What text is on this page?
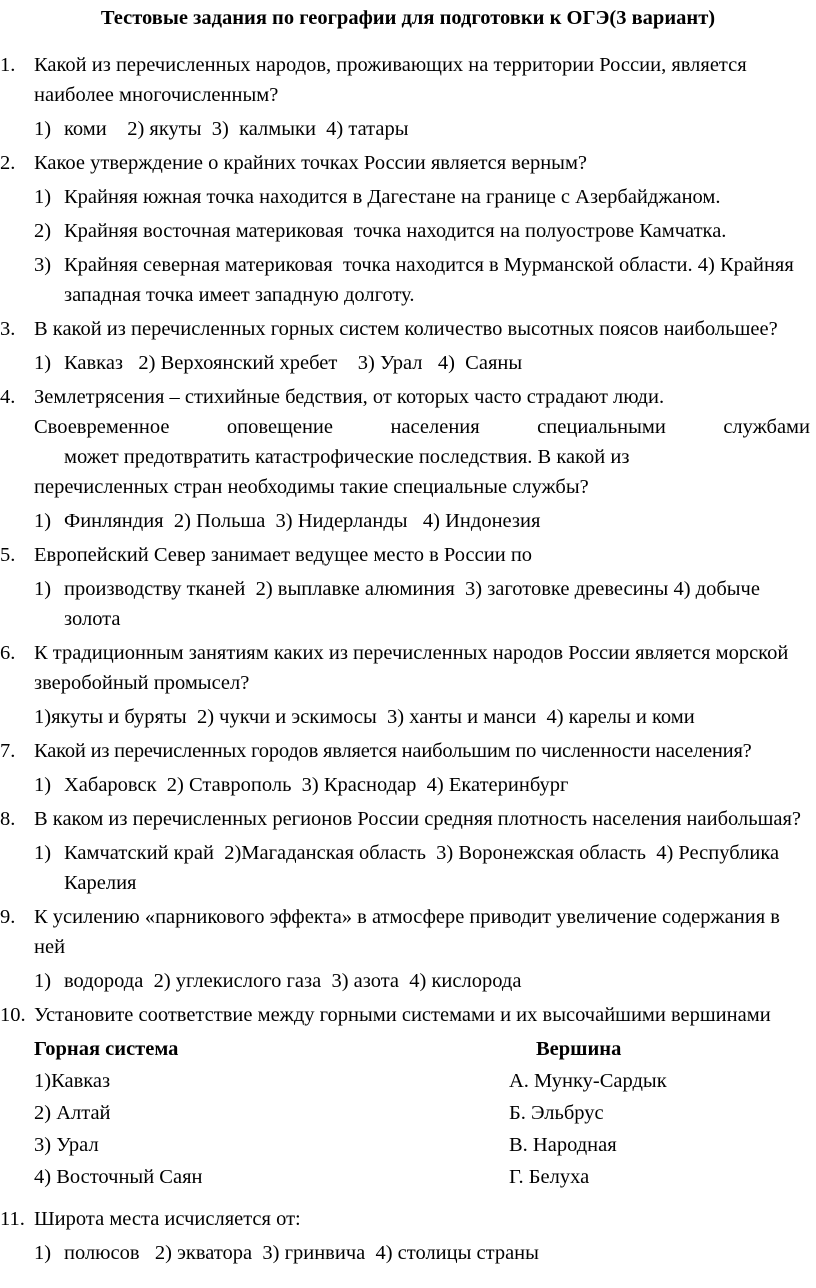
Тестовые задания по географии для подготовки к ОГЭ(3 вариант)
1. Какой из перечисленных народов, проживающих на территории России, является наиболее многочисленным?

1) коми    2) якуты  3)  калмыки  4) татары
2. Какое утверждение о крайних точках России является верным?

1) Крайняя южная точка находится в Дагестане на границе с Азербайджаном.
2) Крайняя восточная материковая  точка находится на полуострове Камчатка.
3) Крайняя северная материковая  точка находится в Мурманской области. 4) Крайняя западная точка имеет западную долготу.
3. В какой из перечисленных горных систем количество высотных поясов наибольшее?

1) Кавказ   2) Верхоянский хребет    3) Урал   4)  Саяны
4. Землетрясения – стихийные бедствия, от которых часто страдают люди.
Своевременное оповещение населения специальными службами
может предотвратить катастрофические последствия. В какой из
перечисленных стран необходимы такие специальные службы?
1) Финляндия  2) Польша  3) Нидерланды   4) Индонезия
5. Европейский Север занимает ведущее место в России по

1) производству тканей  2) выплавке алюминия  3) заготовке древесины 4) добыче золота
6. К традиционным занятиям каких из перечисленных народов России является морской зверобойный промысел?

1)якуты и буряты  2) чукчи и эскимосы  3) ханты и манси  4) карелы и коми
7. Какой из перечисленных городов является наибольшим по численности населения?

1) Хабаровск  2) Ставрополь  3) Краснодар  4) Екатеринбург
8. В каком из перечисленных регионов России средняя плотность населения наибольшая?

1) Камчатский край  2)Магаданская область  3) Воронежская область  4) Республика Карелия
9. К усилению «парникового эффекта» в атмосфере приводит увеличение содержания в ней

1) водорода  2) углекислого газа  3) азота  4) кислорода
10. Установите соответствие между горными системами и их высочайшими вершинами

Горная система	Вершина
1)Кавказ	А. Мунку-Сардык
2) Алтай	Б. Эльбрус
3) Урал	В. Народная
4) Восточный Саян	Г. Белуха
11. Широта места исчисляется от:

1) полюсов   2) экватора  3) гринвича  4) столицы страны
